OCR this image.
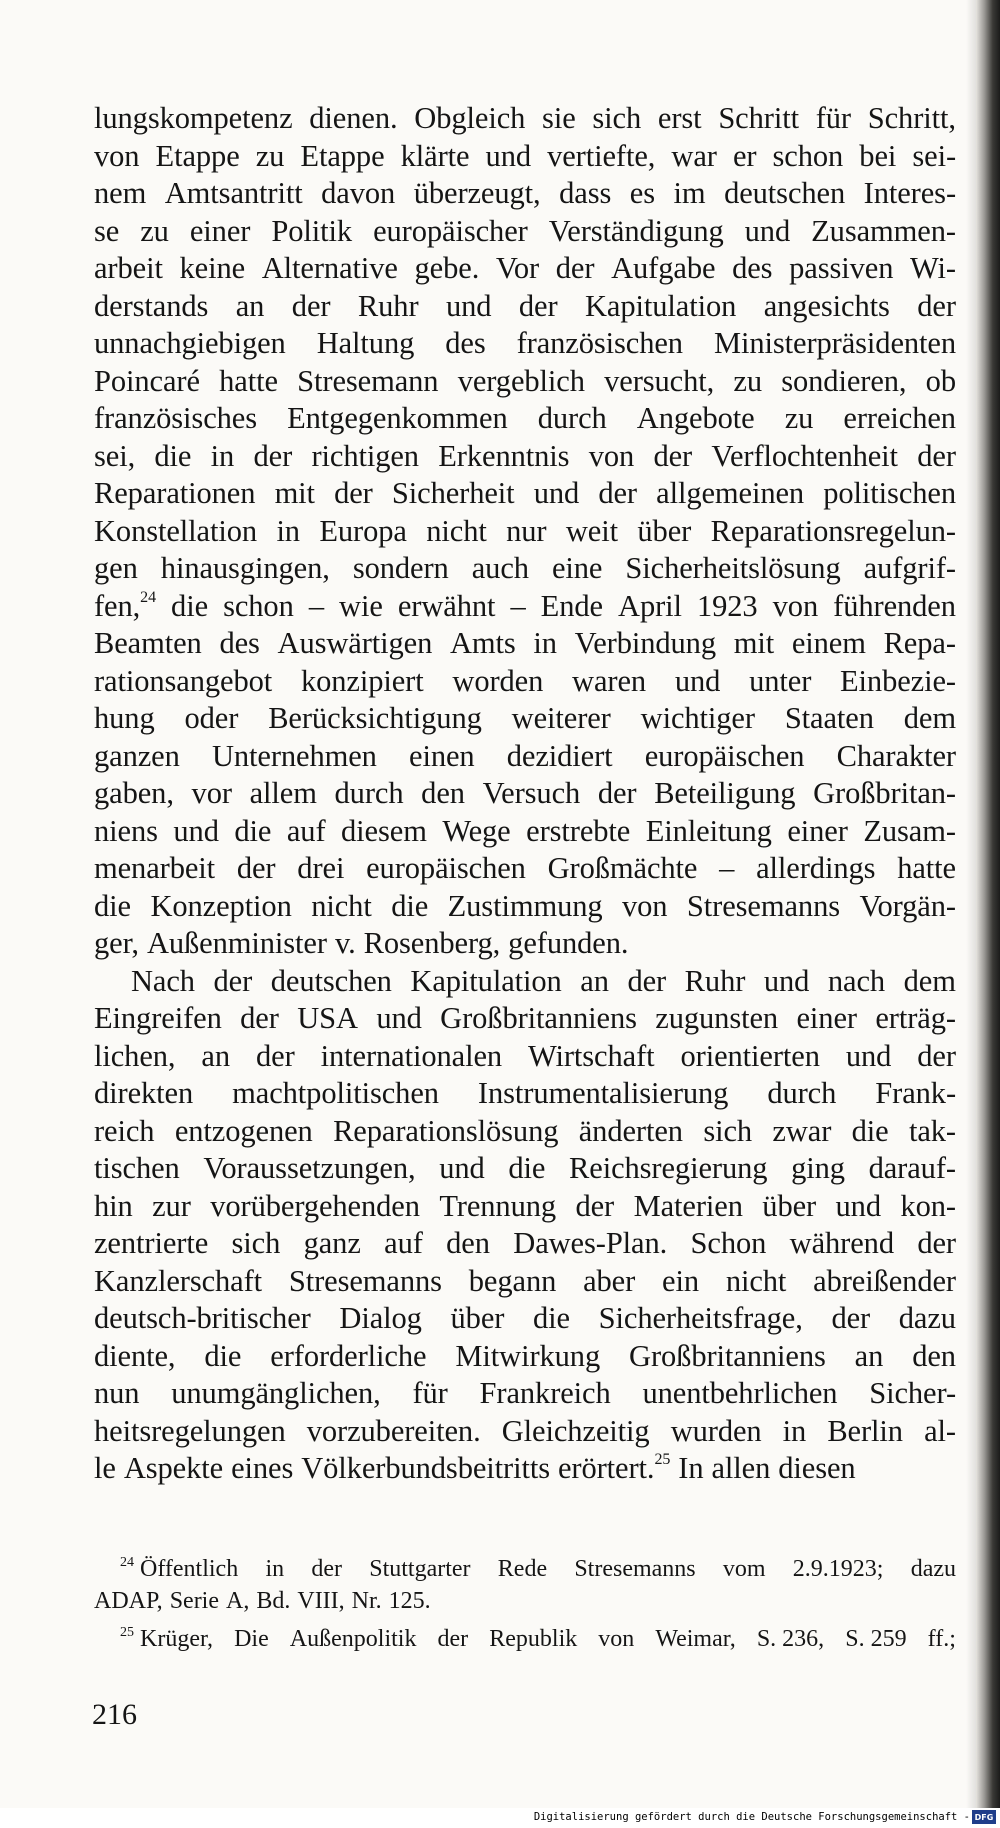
lungskompetenz dienen. Obgleich sie sich erst Schritt für Schritt,
von Etappe zu Etappe klärte und vertiefte, war er schon bei sei-
nem Amtsantritt davon überzeugt, dass es im deutschen Interes-
se zu einer Politik europäischer Verständigung und Zusammen-
arbeit keine Alternative gebe. Vor der Aufgabe des passiven Wi-
derstands an der Ruhr und der Kapitulation angesichts der
unnachgiebigen Haltung des französischen Ministerpräsidenten
Poincaré hatte Stresemann vergeblich versucht, zu sondieren, ob
französisches Entgegenkommen durch Angebote zu erreichen
sei, die in der richtigen Erkenntnis von der Verflochtenheit der
Reparationen mit der Sicherheit und der allgemeinen politischen
Konstellation in Europa nicht nur weit über Reparationsregelun-
gen hinausgingen, sondern auch eine Sicherheitslösung aufgrif-
fen,$^{24}$ die schon – wie erwähnt – Ende April 1923 von führenden
Beamten des Auswärtigen Amts in Verbindung mit einem Repa-
rationsangebot konzipiert worden waren und unter Einbezie-
hung oder Berücksichtigung weiterer wichtiger Staaten dem
ganzen Unternehmen einen dezidiert europäischen Charakter
gaben, vor allem durch den Versuch der Beteiligung Großbritan-
niens und die auf diesem Wege erstrebte Einleitung einer Zusam-
menarbeit der drei europäischen Großmächte – allerdings hatte
die Konzeption nicht die Zustimmung von Stresemanns Vorgän-
ger, Außenminister v. Rosenberg, gefunden.
Nach der deutschen Kapitulation an der Ruhr und nach dem
Eingreifen der USA und Großbritanniens zugunsten einer erträg-
lichen, an der internationalen Wirtschaft orientierten und der
direkten machtpolitischen Instrumentalisierung durch Frank-
reich entzogenen Reparationslösung änderten sich zwar die tak-
tischen Voraussetzungen, und die Reichsregierung ging darauf-
hin zur vorübergehenden Trennung der Materien über und kon-
zentrierte sich ganz auf den Dawes-Plan. Schon während der
Kanzlerschaft Stresemanns begann aber ein nicht abreißender
deutsch-britischer Dialog über die Sicherheitsfrage, der dazu
diente, die erforderliche Mitwirkung Großbritanniens an den
nun unumgänglichen, für Frankreich unentbehrlichen Sicher-
heitsregelungen vorzubereiten. Gleichzeitig wurden in Berlin al-
le Aspekte eines Völkerbundsbeitritts erörtert.$^{25}$ In allen diesen
$^{24}$ Öffentlich in der Stuttgarter Rede Stresemanns vom 2.9.1923; dazu
ADAP, Serie A, Bd. VIII, Nr. 125.
$^{25}$ Krüger, Die Außenpolitik der Republik von Weimar, S. 236, S. 259 ff.;
216
Digitalisierung gefördert durch die Deutsche Forschungsgemeinschaft - DFG
